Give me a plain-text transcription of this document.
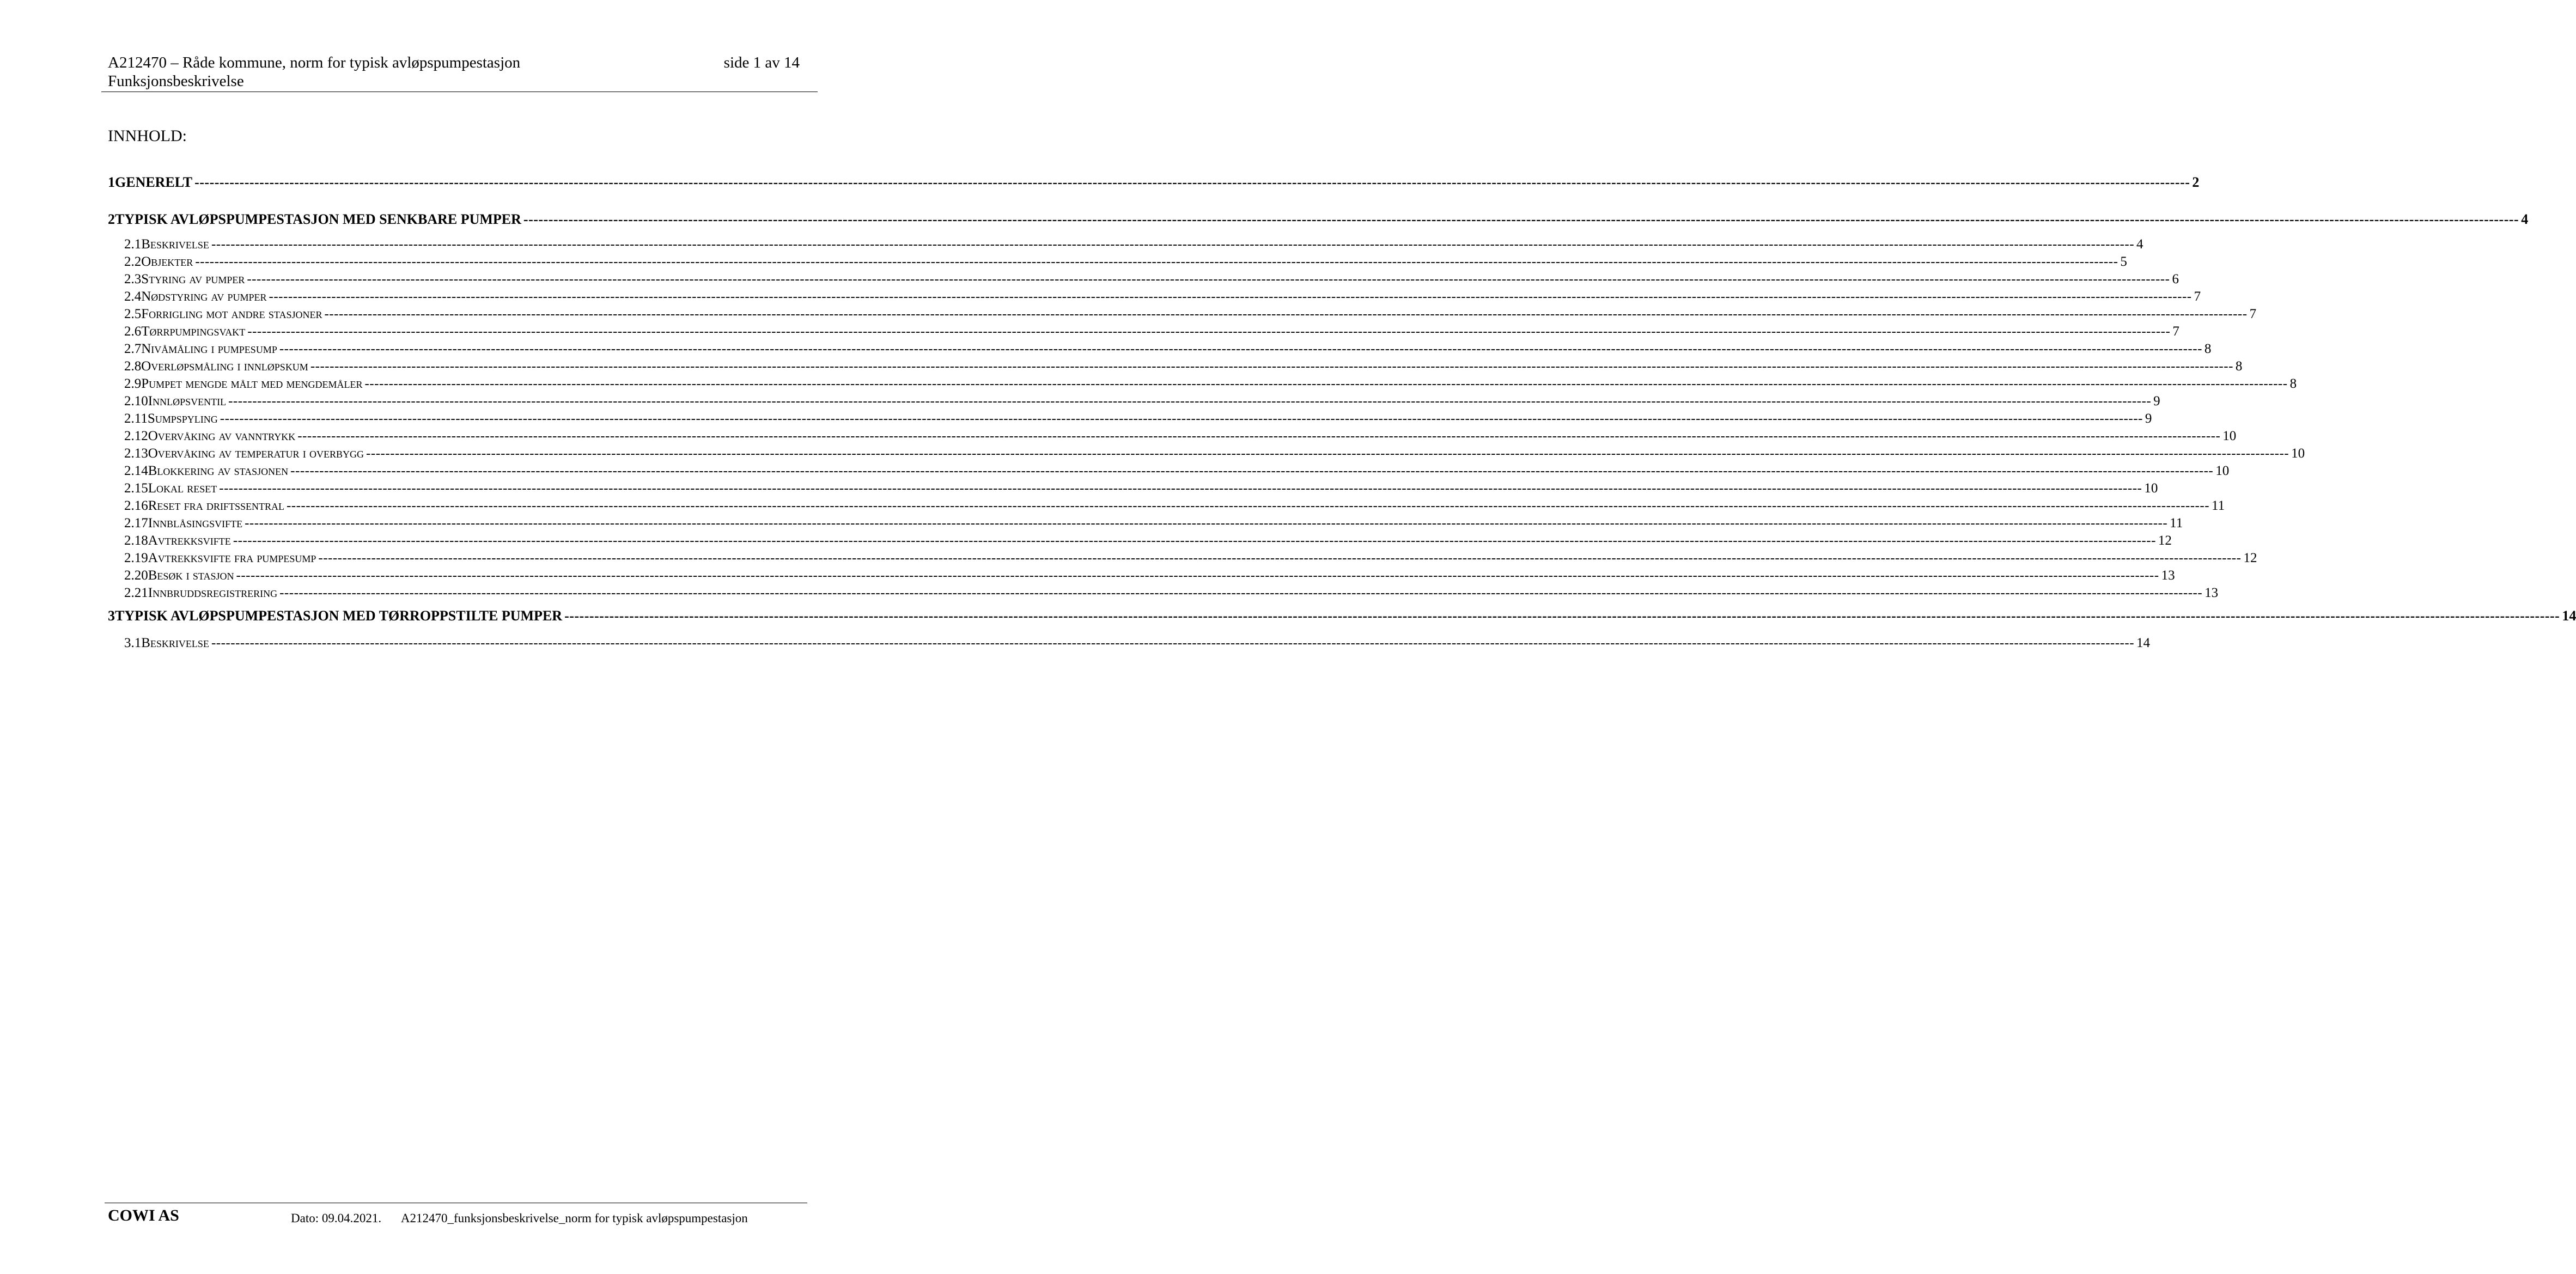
A212470 – Råde kommune, norm for typisk avløpspumpestasjon
Funksjonsbeskrivelse
side 1 av 14
INNHOLD:
1 GENERELT ---------------------------------------------------------------------------------------------------------------------------------------------------------------------------------------------------------------------------------------------------------------------------------------------------------------------------------------------------------------------------------------------------------------- 2
2 TYPISK AVLØPSPUMPESTASJON MED SENKBARE PUMPER ---------------------------------------------------------------------------------------------------------------------------------------------------------------------------------------------------------------------------------------------------------------------------------------------------------------------------------------------------------------------------------------------------------------- 4
2.1 Beskrivelse ---------------------------------------------------------------------------------------------------------------------------------------------------------------------------------------------------------------------------------------------------------------------------------------------------------------------------------------------------------------------------------------------------------------- 4
2.2 Objekter ---------------------------------------------------------------------------------------------------------------------------------------------------------------------------------------------------------------------------------------------------------------------------------------------------------------------------------------------------------------------------------------------------------------- 5
2.3 Styring av pumper ---------------------------------------------------------------------------------------------------------------------------------------------------------------------------------------------------------------------------------------------------------------------------------------------------------------------------------------------------------------------------------------------------------------- 6
2.4 Nødstyring av pumper ---------------------------------------------------------------------------------------------------------------------------------------------------------------------------------------------------------------------------------------------------------------------------------------------------------------------------------------------------------------------------------------------------------------- 7
2.5 Forrigling mot andre stasjoner ---------------------------------------------------------------------------------------------------------------------------------------------------------------------------------------------------------------------------------------------------------------------------------------------------------------------------------------------------------------------------------------------------------------- 7
2.6 Tørrpumpingsvakt ---------------------------------------------------------------------------------------------------------------------------------------------------------------------------------------------------------------------------------------------------------------------------------------------------------------------------------------------------------------------------------------------------------------- 7
2.7 Nivåmåling i pumpesump ---------------------------------------------------------------------------------------------------------------------------------------------------------------------------------------------------------------------------------------------------------------------------------------------------------------------------------------------------------------------------------------------------------------- 8
2.8 Overløpsmåling i innløpskum ---------------------------------------------------------------------------------------------------------------------------------------------------------------------------------------------------------------------------------------------------------------------------------------------------------------------------------------------------------------------------------------------------------------- 8
2.9 Pumpet mengde målt med mengdemåler ---------------------------------------------------------------------------------------------------------------------------------------------------------------------------------------------------------------------------------------------------------------------------------------------------------------------------------------------------------------------------------------------------------------- 8
2.10 Innløpsventil ---------------------------------------------------------------------------------------------------------------------------------------------------------------------------------------------------------------------------------------------------------------------------------------------------------------------------------------------------------------------------------------------------------------- 9
2.11 Sumpspyling ---------------------------------------------------------------------------------------------------------------------------------------------------------------------------------------------------------------------------------------------------------------------------------------------------------------------------------------------------------------------------------------------------------------- 9
2.12 Overvåking av vanntrykk ---------------------------------------------------------------------------------------------------------------------------------------------------------------------------------------------------------------------------------------------------------------------------------------------------------------------------------------------------------------------------------------------------------------- 10
2.13 Overvåking av temperatur i overbygg ---------------------------------------------------------------------------------------------------------------------------------------------------------------------------------------------------------------------------------------------------------------------------------------------------------------------------------------------------------------------------------------------------------------- 10
2.14 Blokkering av stasjonen ---------------------------------------------------------------------------------------------------------------------------------------------------------------------------------------------------------------------------------------------------------------------------------------------------------------------------------------------------------------------------------------------------------------- 10
2.15 Lokal reset ---------------------------------------------------------------------------------------------------------------------------------------------------------------------------------------------------------------------------------------------------------------------------------------------------------------------------------------------------------------------------------------------------------------- 10
2.16 Reset fra driftssentral ---------------------------------------------------------------------------------------------------------------------------------------------------------------------------------------------------------------------------------------------------------------------------------------------------------------------------------------------------------------------------------------------------------------- 11
2.17 Innblåsingsvifte ---------------------------------------------------------------------------------------------------------------------------------------------------------------------------------------------------------------------------------------------------------------------------------------------------------------------------------------------------------------------------------------------------------------- 11
2.18 Avtrekksvifte ---------------------------------------------------------------------------------------------------------------------------------------------------------------------------------------------------------------------------------------------------------------------------------------------------------------------------------------------------------------------------------------------------------------- 12
2.19 Avtrekksvifte fra pumpesump ---------------------------------------------------------------------------------------------------------------------------------------------------------------------------------------------------------------------------------------------------------------------------------------------------------------------------------------------------------------------------------------------------------------- 12
2.20 Besøk i stasjon ---------------------------------------------------------------------------------------------------------------------------------------------------------------------------------------------------------------------------------------------------------------------------------------------------------------------------------------------------------------------------------------------------------------- 13
2.21 Innbruddsregistrering ---------------------------------------------------------------------------------------------------------------------------------------------------------------------------------------------------------------------------------------------------------------------------------------------------------------------------------------------------------------------------------------------------------------- 13
3 TYPISK AVLØPSPUMPESTASJON MED TØRROPPSTILTE PUMPER ---------------------------------------------------------------------------------------------------------------------------------------------------------------------------------------------------------------------------------------------------------------------------------------------------------------------------------------------------------------------------------------------------------------- 14
3.1 Beskrivelse ---------------------------------------------------------------------------------------------------------------------------------------------------------------------------------------------------------------------------------------------------------------------------------------------------------------------------------------------------------------------------------------------------------------- 14
COWI AS	Dato: 09.04.2021. A212470_funksjonsbeskrivelse_norm for typisk avløpspumpestasjon
